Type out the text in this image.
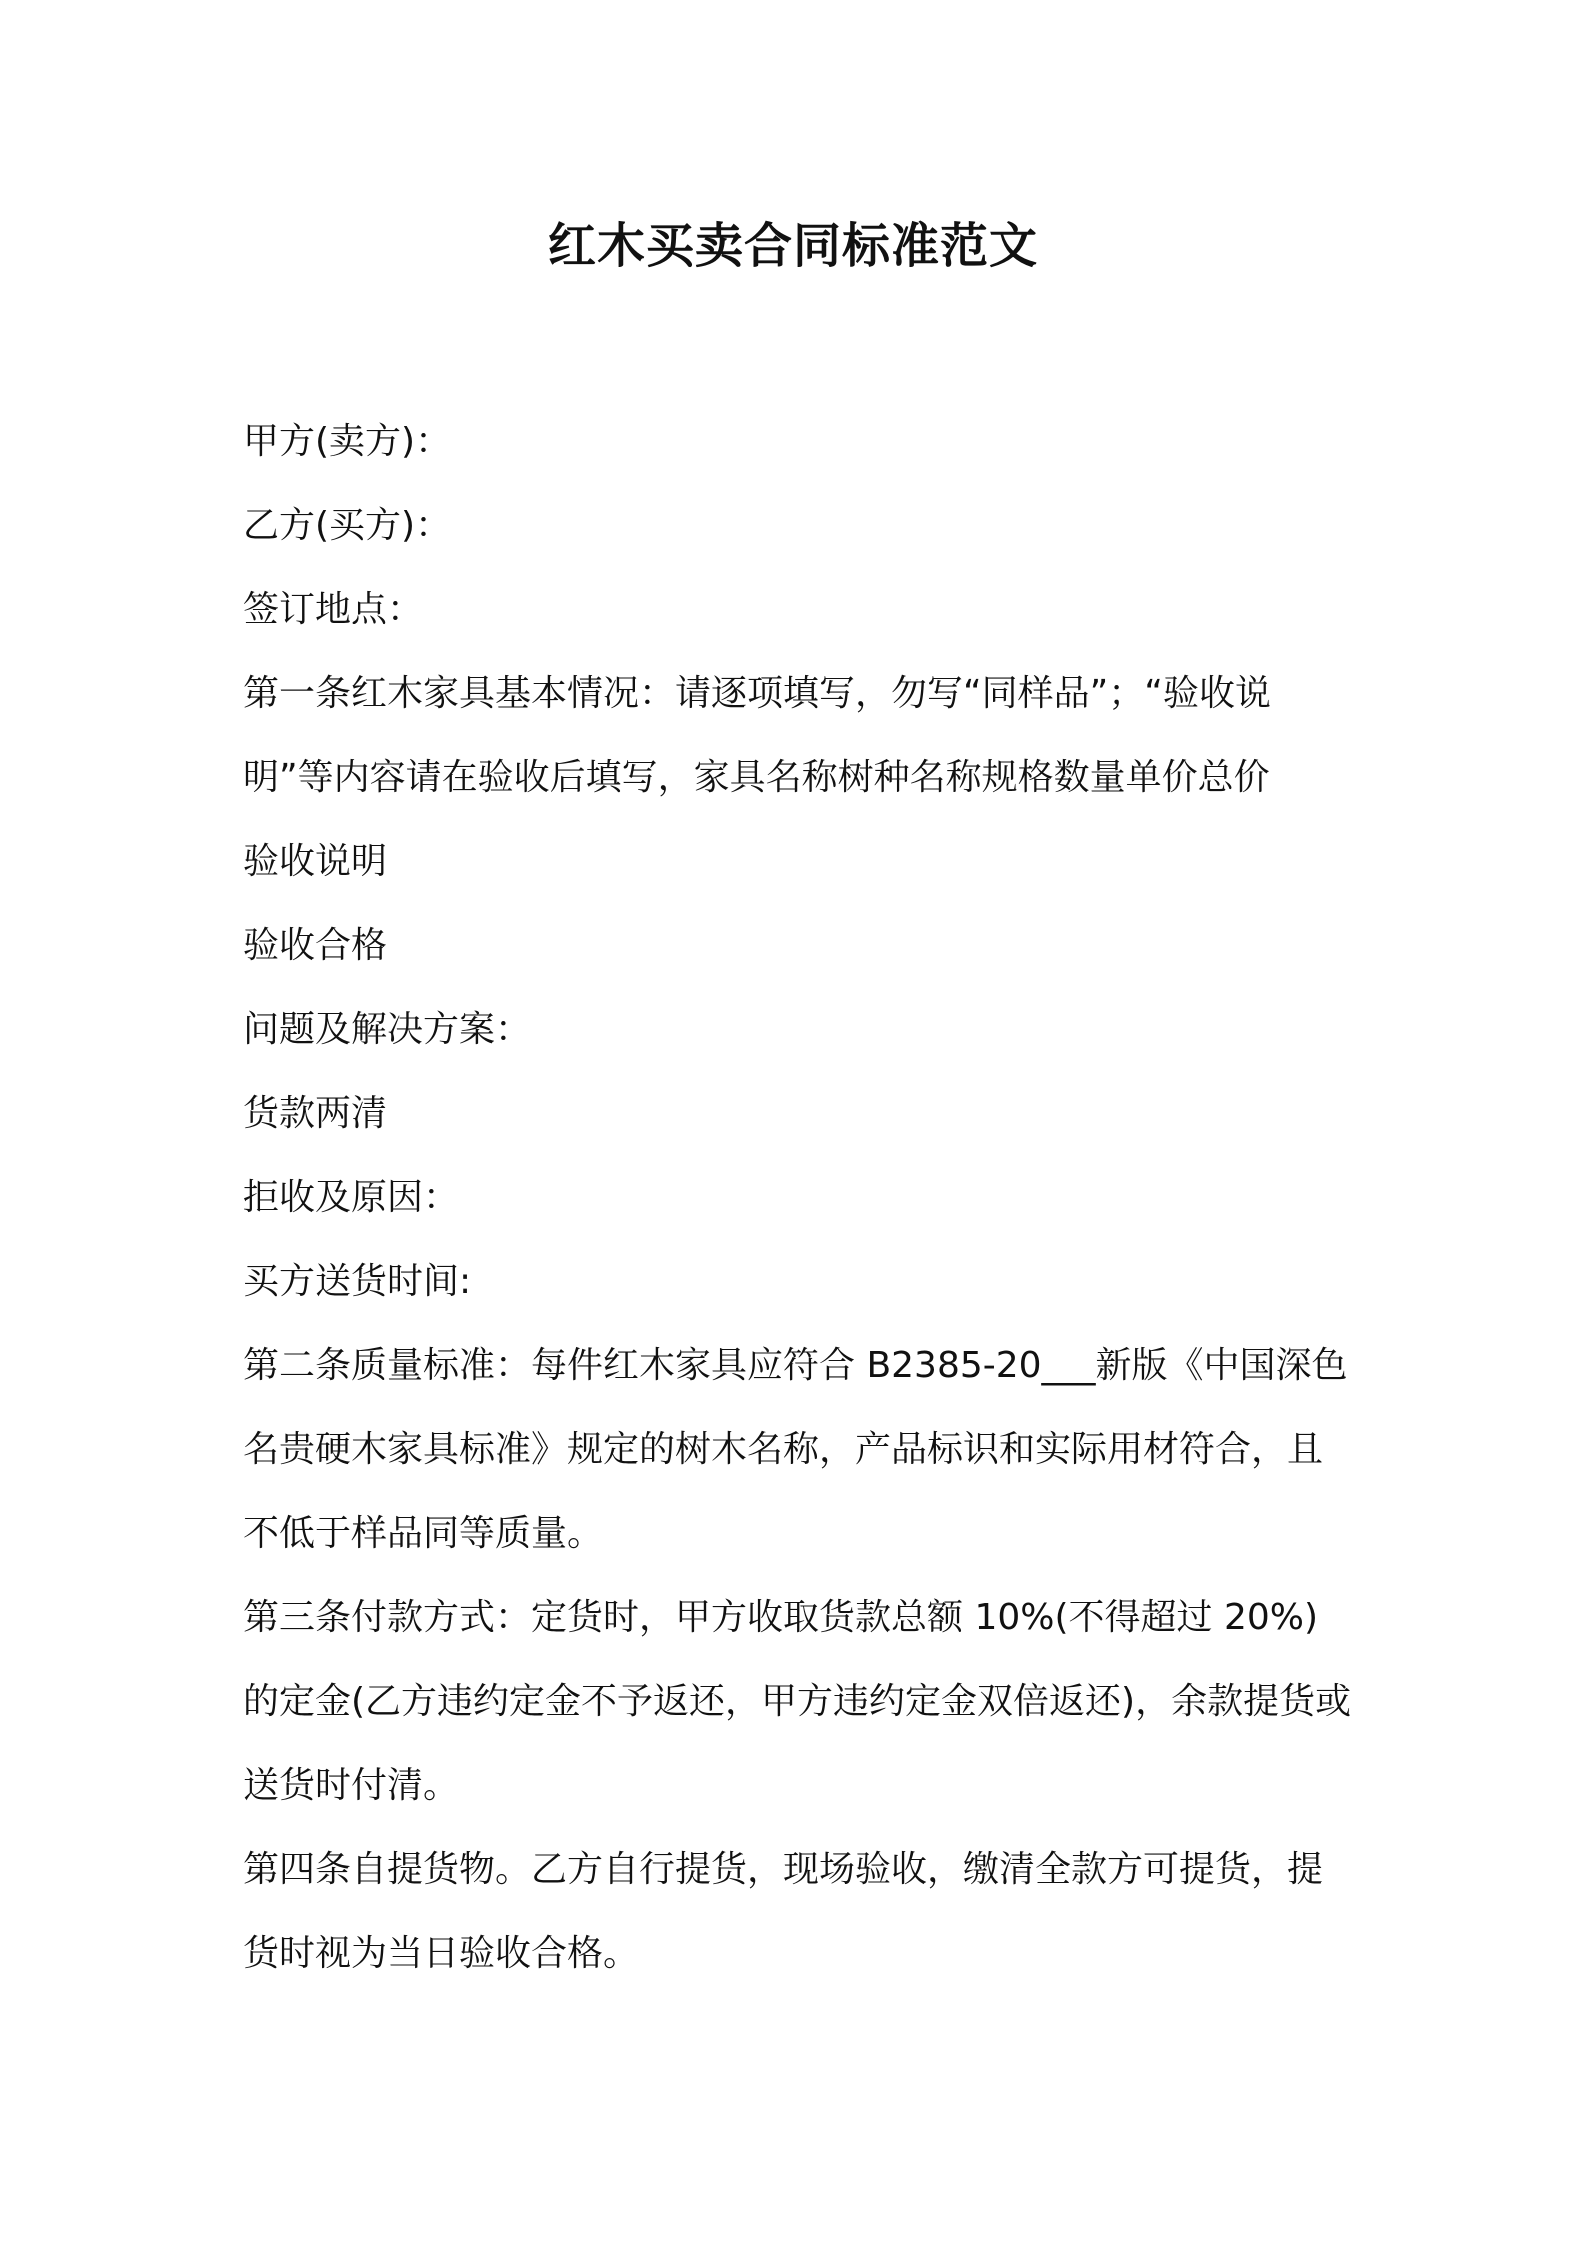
红木买卖合同标准范文

甲方(卖方)：

乙方(买方)：

签订地点：

第一条红木家具基本情况：请逐项填写，勿写“同样品”；“验收说明”等内容请在验收后填写，家具名称树种名称规格数量单价总价

验收说明

验收合格

问题及解决方案：

货款两清

拒收及原因：

买方送货时间:

第二条质量标准：每件红木家具应符合 B2385-20___新版《中国深色名贵硬木家具标准》规定的树木名称，产品标识和实际用材符合，且不低于样品同等质量。

第三条付款方式：定货时，甲方收取货款总额 10%(不得超过 20%)的定金(乙方违约定金不予返还，甲方违约定金双倍返还)，余款提货或送货时付清。

第四条自提货物。乙方自行提货，现场验收，缴清全款方可提货，提货时视为当日验收合格。
